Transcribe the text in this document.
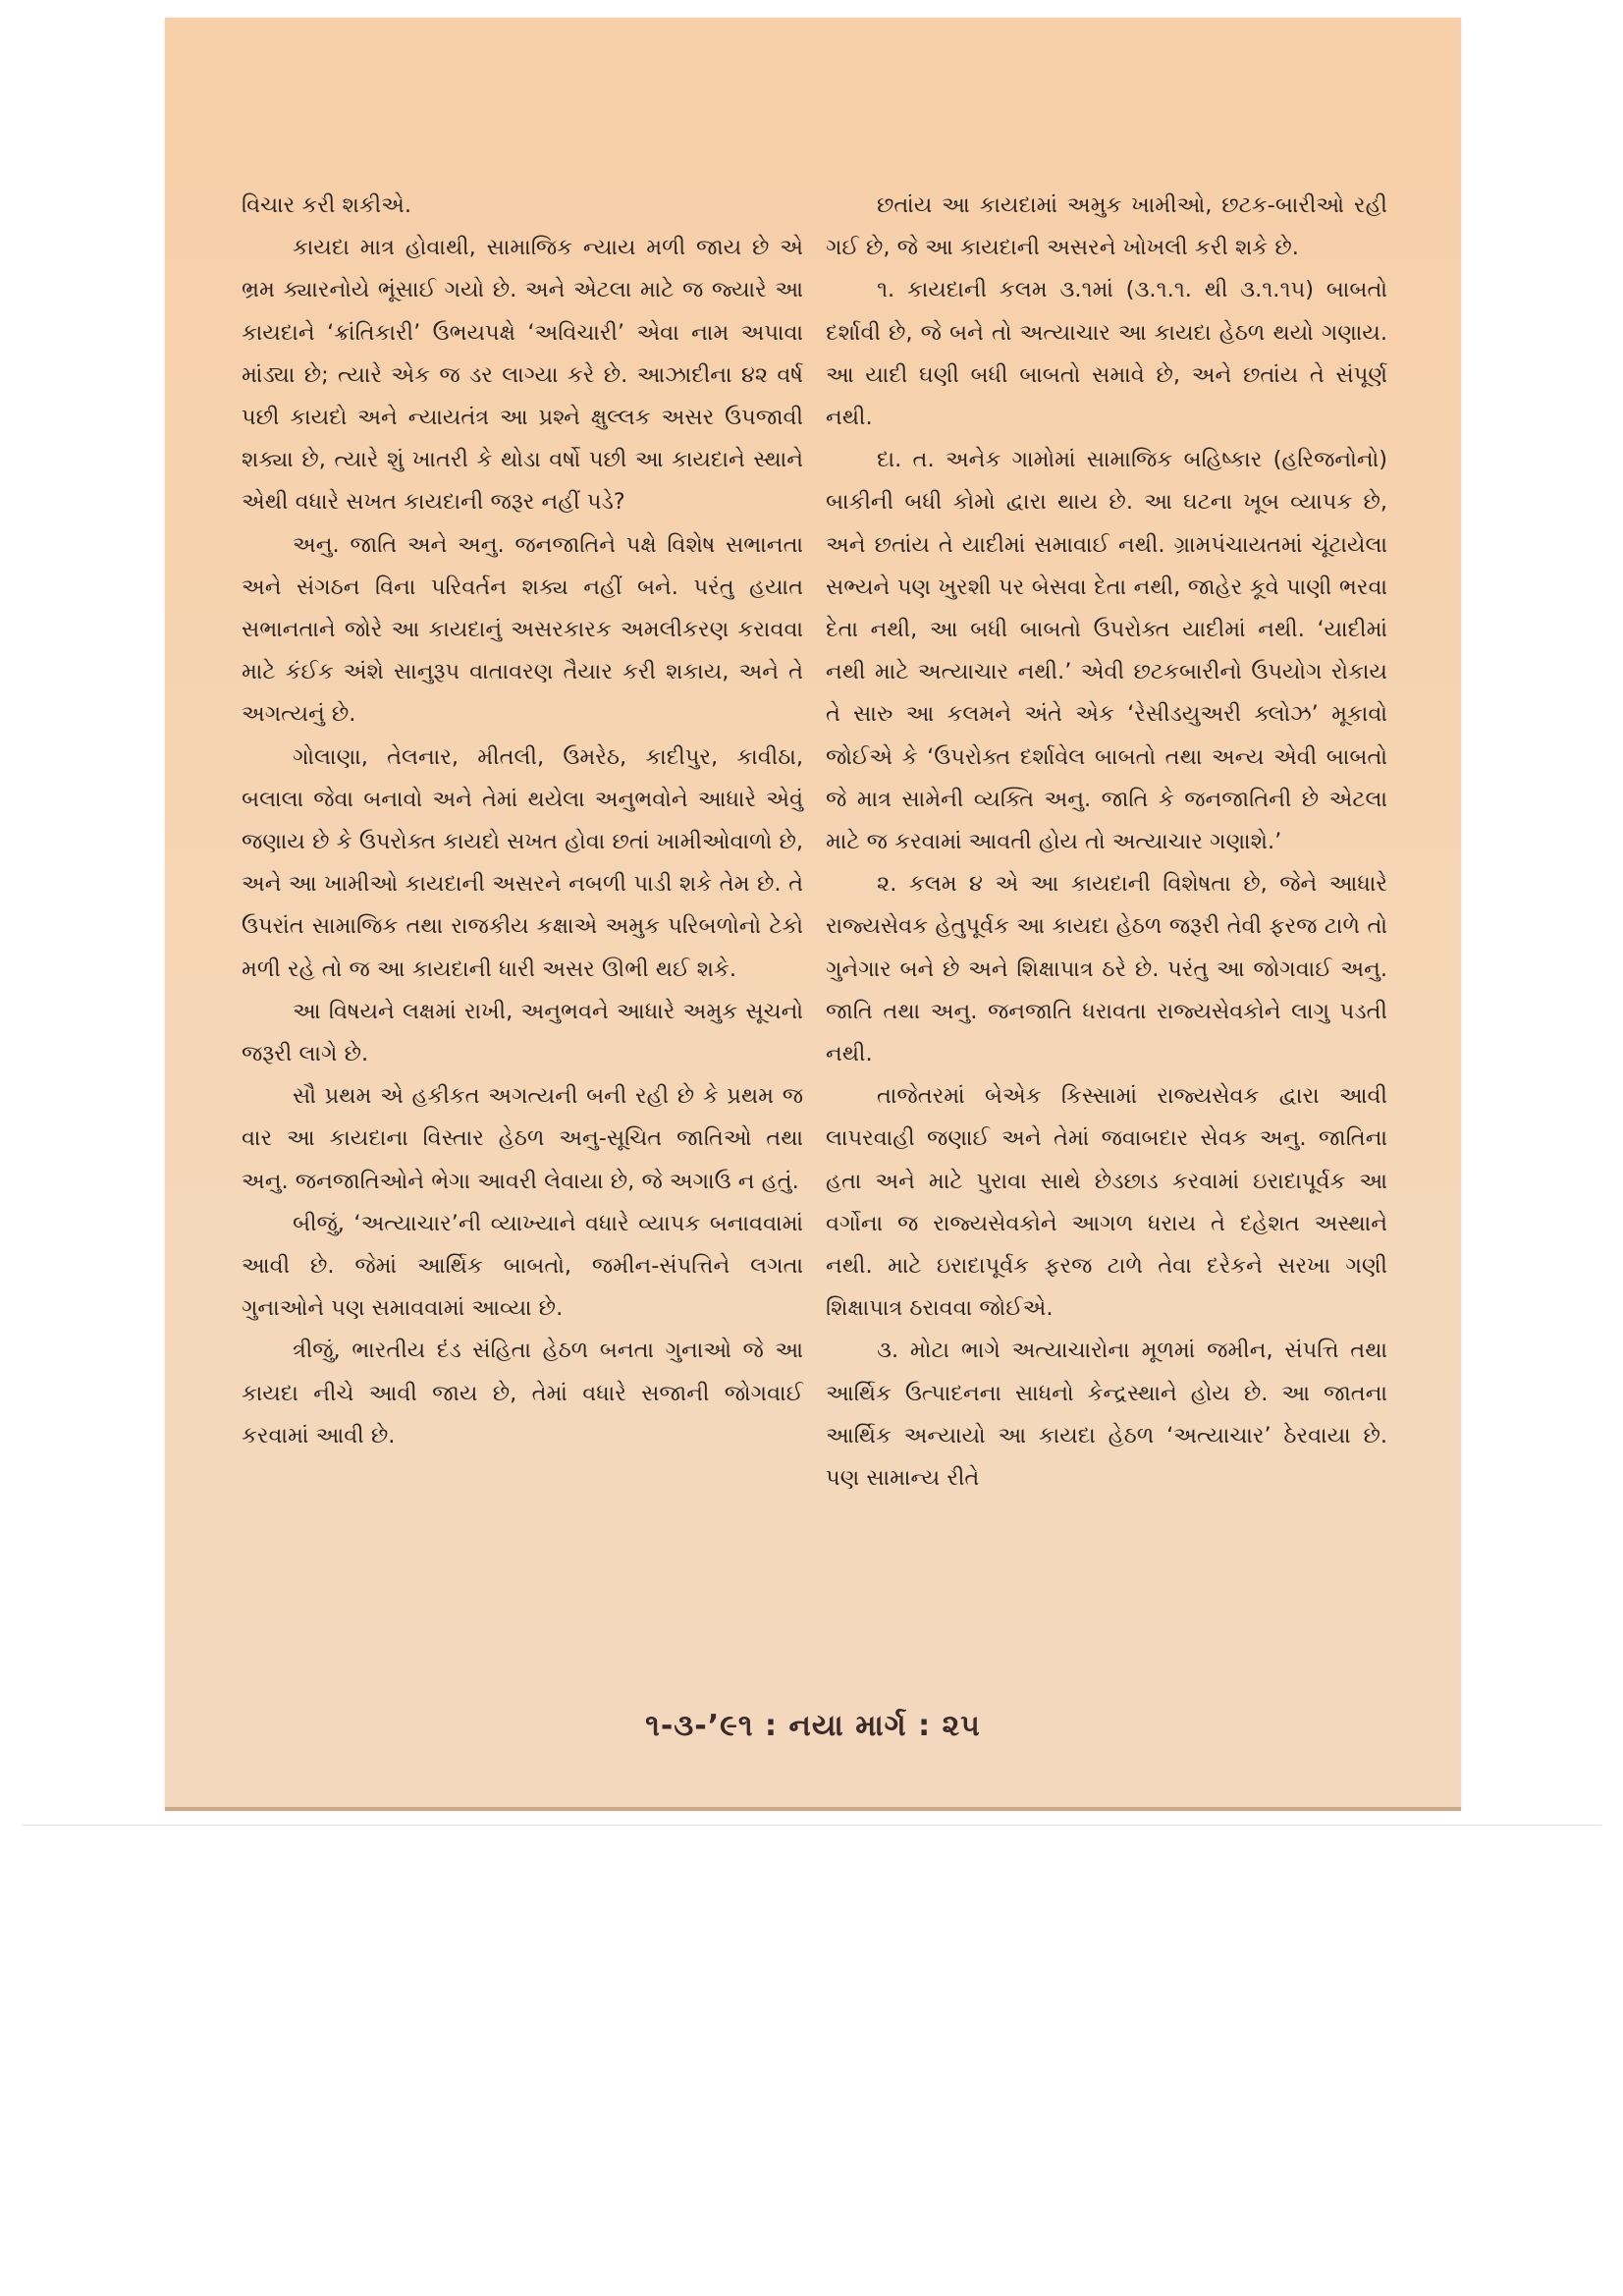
વિચાર કરી શકીએ.

કાયદા માત્ર હોવાથી, સામાજિક ન્યાય મળી જાય છે એ ભ્રમ ક્યારનોયે ભૂંસાઈ ગયો છે. અને એટલા માટે જ જ્યારે આ કાયદાને ‘ક્રાંતિકારી’ ઉભયપક્ષે ‘અવિચારી’ એવા નામ અપાવા માંડ્યા છે; ત્યારે એક જ ડર લાગ્યા કરે છે. આઝાદીના ૪૨ વર્ષ પછી કાયદો અને ન્યાયતંત્ર આ પ્રશ્ને ક્ષુલ્લક અસર ઉપજાવી શક્યા છે, ત્યારે શું ખાતરી કે થોડા વર્ષો પછી આ કાયદાને સ્થાને એથી વધારે સખત કાયદાની જરૂર નહીં પડે?

અનુ. જાતિ અને અનુ. જનજાતિને પક્ષે વિશેષ સભાનતા અને સંગઠન વિના પરિવર્તન શક્ય નહીં બને. પરંતુ હયાત સભાનતાને જોરે આ કાયદાનું અસરકારક અમલીકરણ કરાવવા માટે કંઈક અંશે સાનુરૂપ વાતાવરણ તૈયાર કરી શકાય, અને તે અગત્યનું છે.

ગોલાણા, તેલનાર, મીતલી, ઉમરેઠ, કાદીપુર, કાવીઠા, બલાલા જેવા બનાવો અને તેમાં થયેલા અનુભવોને આધારે એવું જણાય છે કે ઉપરોક્ત કાયદો સખત હોવા છતાં ખામીઓવાળો છે, અને આ ખામીઓ કાયદાની અસરને નબળી પાડી શકે તેમ છે. તે ઉપરાંત સામાજિક તથા રાજકીય કક્ષાએ અમુક પરિબળોનો ટેકો મળી રહે તો જ આ કાયદાની ધારી અસર ઊભી થઈ શકે.

આ વિષયને લક્ષમાં રાખી, અનુભવને આધારે અમુક સૂચનો જરૂરી લાગે છે.

સૌ પ્રથમ એ હકીકત અગત્યની બની રહી છે કે પ્રથમ જ વાર આ કાયદાના વિસ્તાર હેઠળ અનુ-સૂચિત જાતિઓ તથા અનુ. જનજાતિઓને ભેગા આવરી લેવાયા છે, જે અગાઉ ન હતું.

બીજું, ‘અત્યાચાર’ની વ્યાખ્યાને વધારે વ્યાપક બનાવવામાં આવી છે. જેમાં આર્થિક બાબતો, જમીન-સંપત્તિને લગતા ગુનાઓને પણ સમાવવામાં આવ્યા છે.

ત્રીજું, ભારતીય દંડ સંહિતા હેઠળ બનતા ગુનાઓ જે આ કાયદા નીચે આવી જાય છે, તેમાં વધારે સજાની જોગવાઈ કરવામાં આવી છે.

છતાંય આ કાયદામાં અમુક ખામીઓ, છટક-બારીઓ રહી ગઈ છે, જે આ કાયદાની અસરને ખોખલી કરી શકે છે.

૧. કાયદાની કલમ ૩.૧માં (૩.૧.૧. થી ૩.૧.૧૫) બાબતો દર્શાવી છે, જે બને તો અત્યાચાર આ કાયદા હેઠળ થયો ગણાય. આ યાદી ઘણી બધી બાબતો સમાવે છે, અને છતાંય તે સંપૂર્ણ નથી.

દા. ત. અનેક ગામોમાં સામાજિક બહિષ્કાર (હરિજનોનો) બાકીની બધી કોમો દ્વારા થાય છે. આ ઘટના ખૂબ વ્યાપક છે, અને છતાંય તે યાદીમાં સમાવાઈ નથી. ગ્રામપંચાયતમાં ચૂંટાયેલા સભ્યને પણ ખુરશી પર બેસવા દેતા નથી, જાહેર કૂવે પાણી ભરવા દેતા નથી, આ બધી બાબતો ઉપરોક્ત યાદીમાં નથી. ‘યાદીમાં નથી માટે અત્યાચાર નથી.’ એવી છટકબારીનો ઉપયોગ રોકાય તે સારુ આ કલમને અંતે એક ‘રેસીડયુઅરી ક્લોઝ’ મૂકાવો જોઈએ કે ‘ઉપરોક્ત દર્શાવેલ બાબતો તથા અન્ય એવી બાબતો જે માત્ર સામેની વ્યક્તિ અનુ. જાતિ કે જનજાતિની છે એટલા માટે જ કરવામાં આવતી હોય તો અત્યાચાર ગણાશે.’

૨. કલમ ૪ એ આ કાયદાની વિશેષતા છે, જેને આધારે રાજ્યસેવક હેતુપૂર્વક આ કાયદા હેઠળ જરૂરી તેવી ફરજ ટાળે તો ગુનેગાર બને છે અને શિક્ષાપાત્ર ઠરે છે. પરંતુ આ જોગવાઈ અનુ. જાતિ તથા અનુ. જનજાતિ ધરાવતા રાજ્યસેવકોને લાગુ પડતી નથી.

તાજેતરમાં બેએક કિસ્સામાં રાજ્યસેવક દ્વારા આવી લાપરવાહી જણાઈ અને તેમાં જવાબદાર સેવક અનુ. જાતિના હતા અને માટે પુરાવા સાથે છેડછાડ કરવામાં ઇરાદાપૂર્વક આ વર્ગોના જ રાજ્યસેવકોને આગળ ધરાય તે દહેશત અસ્થાને નથી. માટે ઇરાદાપૂર્વક ફરજ ટાળે તેવા દરેકને સરખા ગણી શિક્ષાપાત્ર ઠરાવવા જોઈએ.

૩. મોટા ભાગે અત્યાચારોના મૂળમાં જમીન, સંપત્તિ તથા આર્થિક ઉત્પાદનના સાધનો કેન્દ્રસ્થાને હોય છે. આ જાતના આર્થિક અન્યાયો આ કાયદા હેઠળ ‘અત્યાચાર’ ઠેરવાયા છે. પણ સામાન્ય રીતે

૧-૩-’૯૧ : નયા માર્ગ : ૨૫
